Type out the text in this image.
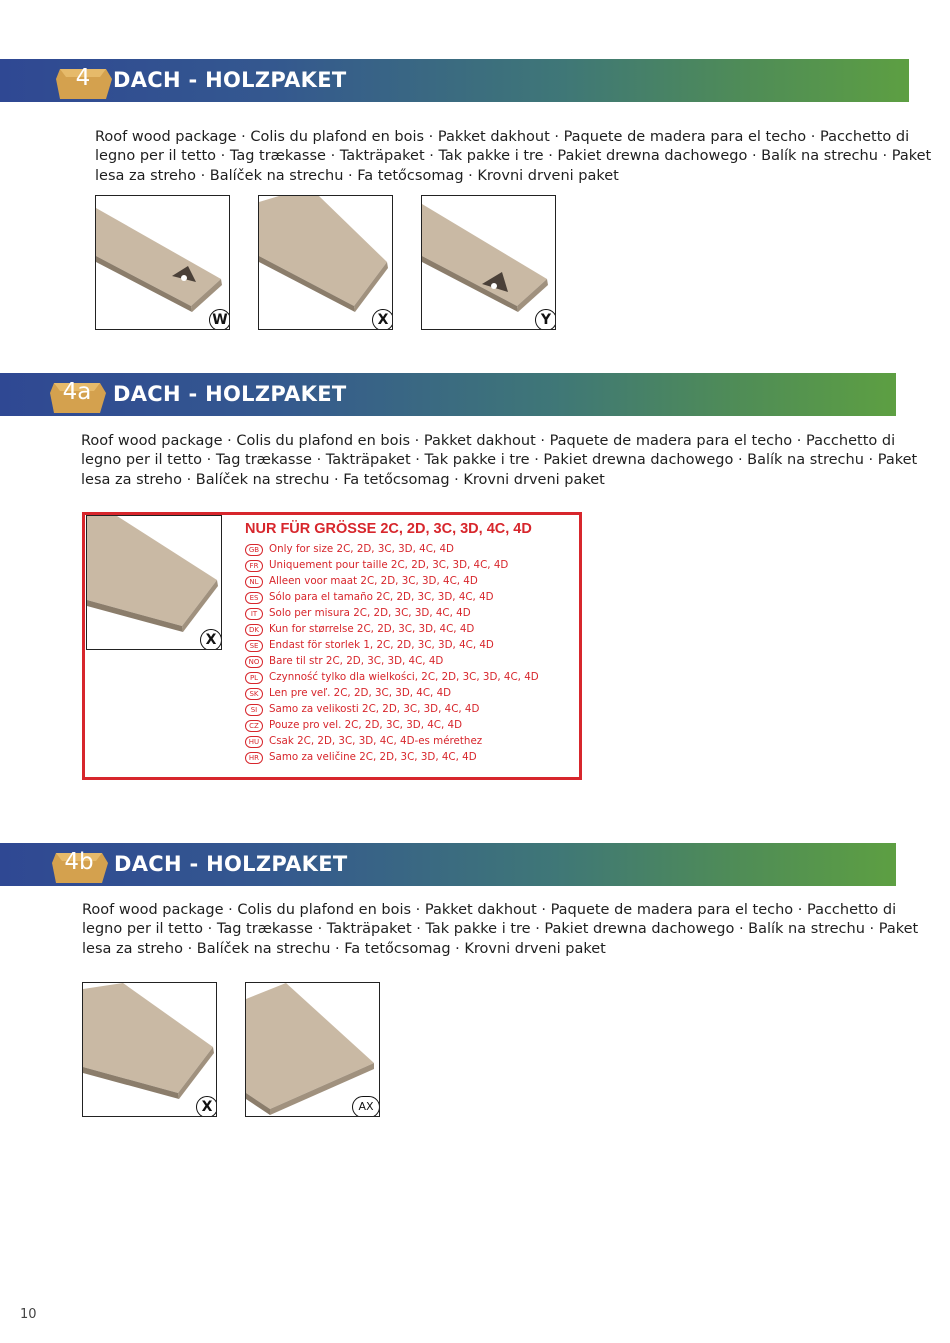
4	DACH - HOLZPAKET
Roof wood package · Colis du plafond en bois · Pakket dakhout · Paquete de madera para el techo · Pacchetto di
legno per il tetto · Tag trækasse · Takträpaket · Tak pakke i tre · Pakiet drewna dachowego · Balík na strechu · Paket
lesa za streho · Balíček na strechu · Fa tetőcsomag · Krovni drveni paket
W	X	Y
4a	DACH - HOLZPAKET
Roof wood package · Colis du plafond en bois · Pakket dakhout · Paquete de madera para el techo · Pacchetto di
legno per il tetto · Tag trækasse · Takträpaket · Tak pakke i tre · Pakiet drewna dachowego · Balík na strechu · Paket
lesa za streho · Balíček na strechu · Fa tetőcsomag · Krovni drveni paket
X
NUR FÜR GRÖSSE 2C, 2D, 3C, 3D, 4C, 4D
GB Only for size 2C, 2D, 3C, 3D, 4C, 4D
FR	Uniquement pour taille 2C, 2D, 3C, 3D, 4C, 4D
NL	Alleen voor maat 2C, 2D, 3C, 3D, 4C, 4D
ES	Sólo para el tamaño 2C, 2D, 3C, 3D, 4C, 4D
IT	Solo per misura 2C, 2D, 3C, 3D, 4C, 4D
DK Kun for størrelse 2C, 2D, 3C, 3D, 4C, 4D
SE	Endast för storlek 1, 2C, 2D, 3C, 3D, 4C, 4D
NO Bare til str 2C, 2D, 3C, 3D, 4C, 4D
PL	Czynność tylko dla wielkości, 2C, 2D, 3C, 3D, 4C, 4D
SK	Len pre veľ. 2C, 2D, 3C, 3D, 4C, 4D
SI	Samo za velikosti 2C, 2D, 3C, 3D, 4C, 4D
CZ Pouze pro vel. 2C, 2D, 3C, 3D, 4C, 4D
HU Csak 2C, 2D, 3C, 3D, 4C, 4D-es mérethez
HR Samo za veličine 2C, 2D, 3C, 3D, 4C, 4D
4b DACH - HOLZPAKET
Roof wood package · Colis du plafond en bois · Pakket dakhout · Paquete de madera para el techo · Pacchetto di
legno per il tetto · Tag trækasse · Takträpaket · Tak pakke i tre · Pakiet drewna dachowego · Balík na strechu · Paket
lesa za streho · Balíček na strechu · Fa tetőcsomag · Krovni drveni paket
X	AX
10
